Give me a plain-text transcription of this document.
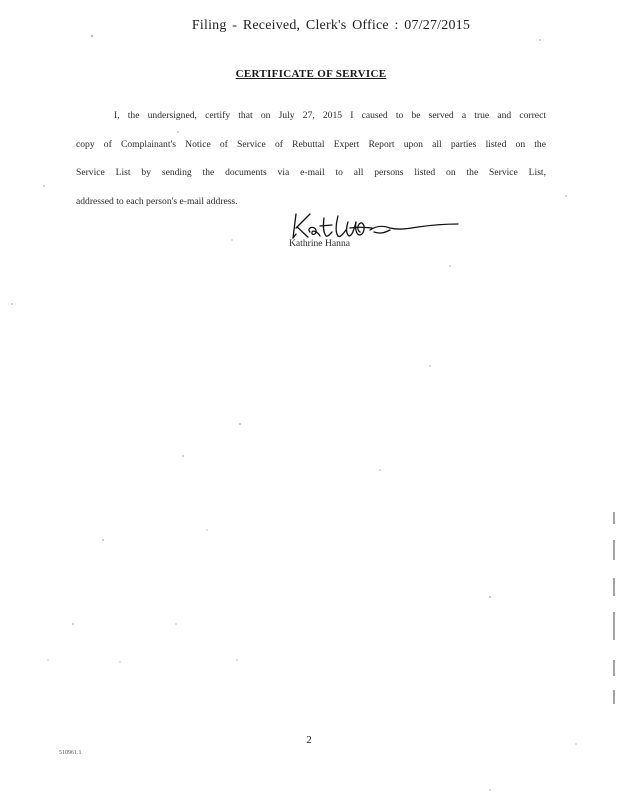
Filing - Received, Clerk's Office : 07/27/2015
CERTIFICATE OF SERVICE
I, the undersigned, certify that on July 27, 2015 I caused to be served a true and correct
copy of Complainant's Notice of Service of Rebuttal Expert Report upon all parties listed on the
Service List by sending the documents via e-mail to all persons listed on the Service List,
addressed to each person's e-mail address.
Kathrine Hanna
2
510961.1
